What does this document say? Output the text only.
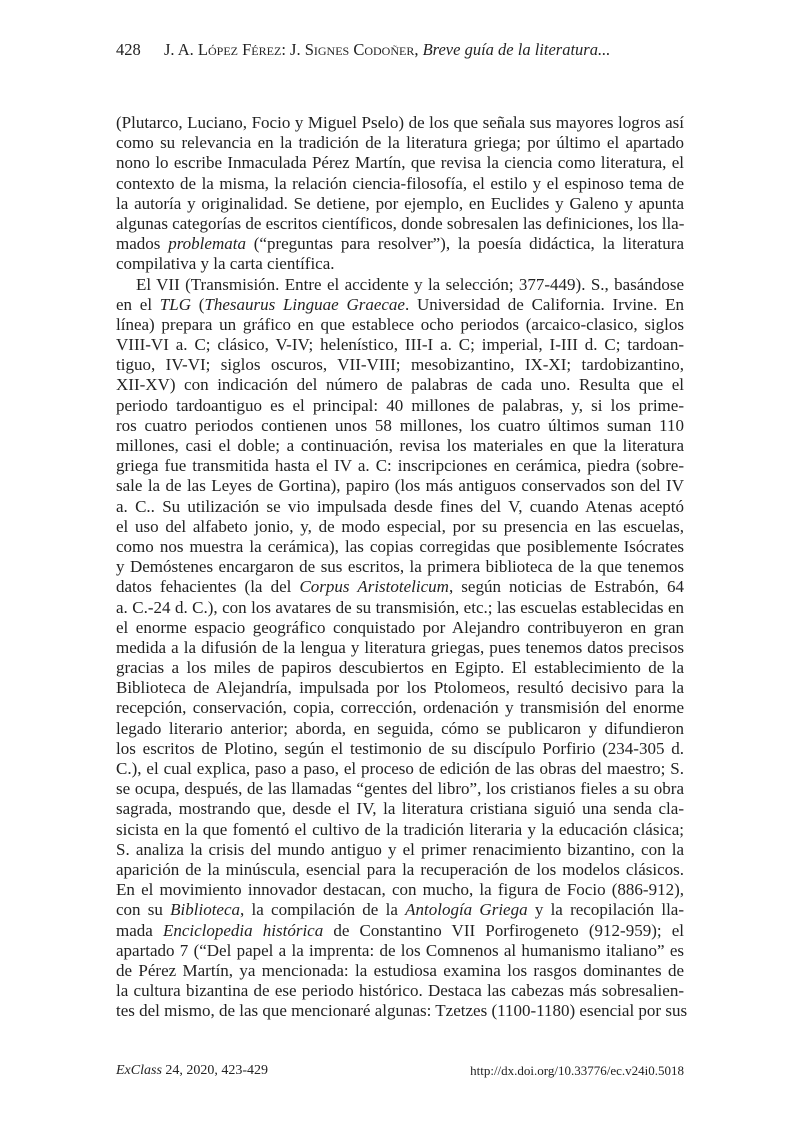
428 J. A. López Férez: J. Signes Codoñer, Breve guía de la literatura...
(Plutarco, Luciano, Focio y Miguel Pselo) de los que señala sus mayores logros así
como su relevancia en la tradición de la literatura griega; por último el apartado
nono lo escribe Inmaculada Pérez Martín, que revisa la ciencia como literatura, el
contexto de la misma, la relación ciencia-filosofía, el estilo y el espinoso tema de
la autoría y originalidad. Se detiene, por ejemplo, en Euclides y Galeno y apunta
algunas categorías de escritos científicos, donde sobresalen las definiciones, los lla-
mados problemata (“preguntas para resolver”), la poesía didáctica, la literatura
compilativa y la carta científica.
El VII (Transmisión. Entre el accidente y la selección; 377-449). S., basándose
en el TLG (Thesaurus Linguae Graecae. Universidad de California. Irvine. En
línea) prepara un gráfico en que establece ocho periodos (arcaico-clasico, siglos
VIII-VI a. C; clásico, V-IV; helenístico, III-I a. C; imperial, I-III d. C; tardoan-
tiguo, IV-VI; siglos oscuros, VII-VIII; mesobizantino, IX-XI; tardobizantino,
XII-XV) con indicación del número de palabras de cada uno. Resulta que el
periodo tardoantiguo es el principal: 40 millones de palabras, y, si los prime-
ros cuatro periodos contienen unos 58 millones, los cuatro últimos suman 110
millones, casi el doble; a continuación, revisa los materiales en que la literatura
griega fue transmitida hasta el IV a. C: inscripciones en cerámica, piedra (sobre-
sale la de las Leyes de Gortina), papiro (los más antiguos conservados son del IV
a. C.. Su utilización se vio impulsada desde fines del V, cuando Atenas aceptó
el uso del alfabeto jonio, y, de modo especial, por su presencia en las escuelas,
como nos muestra la cerámica), las copias corregidas que posiblemente Isócrates
y Demóstenes encargaron de sus escritos, la primera biblioteca de la que tenemos
datos fehacientes (la del Corpus Aristotelicum, según noticias de Estrabón, 64
a. C.-24 d. C.), con los avatares de su transmisión, etc.; las escuelas establecidas en
el enorme espacio geográfico conquistado por Alejandro contribuyeron en gran
medida a la difusión de la lengua y literatura griegas, pues tenemos datos precisos
gracias a los miles de papiros descubiertos en Egipto. El establecimiento de la
Biblioteca de Alejandría, impulsada por los Ptolomeos, resultó decisivo para la
recepción, conservación, copia, corrección, ordenación y transmisión del enorme
legado literario anterior; aborda, en seguida, cómo se publicaron y difundieron
los escritos de Plotino, según el testimonio de su discípulo Porfirio (234-305 d.
C.), el cual explica, paso a paso, el proceso de edición de las obras del maestro; S.
se ocupa, después, de las llamadas “gentes del libro”, los cristianos fieles a su obra
sagrada, mostrando que, desde el IV, la literatura cristiana siguió una senda cla-
sicista en la que fomentó el cultivo de la tradición literaria y la educación clásica;
S. analiza la crisis del mundo antiguo y el primer renacimiento bizantino, con la
aparición de la minúscula, esencial para la recuperación de los modelos clásicos.
En el movimiento innovador destacan, con mucho, la figura de Focio (886-912),
con su Biblioteca, la compilación de la Antología Griega y la recopilación lla-
mada Enciclopedia histórica de Constantino VII Porfirogeneto (912-959); el
apartado 7 (“Del papel a la imprenta: de los Comnenos al humanismo italiano” es
de Pérez Martín, ya mencionada: la estudiosa examina los rasgos dominantes de
la cultura bizantina de ese periodo histórico. Destaca las cabezas más sobresalien-
tes del mismo, de las que mencionaré algunas: Tzetzes (1100-1180) esencial por sus
ExClass 24, 2020, 423-429	http://dx.doi.org/10.33776/ec.v24i0.5018
